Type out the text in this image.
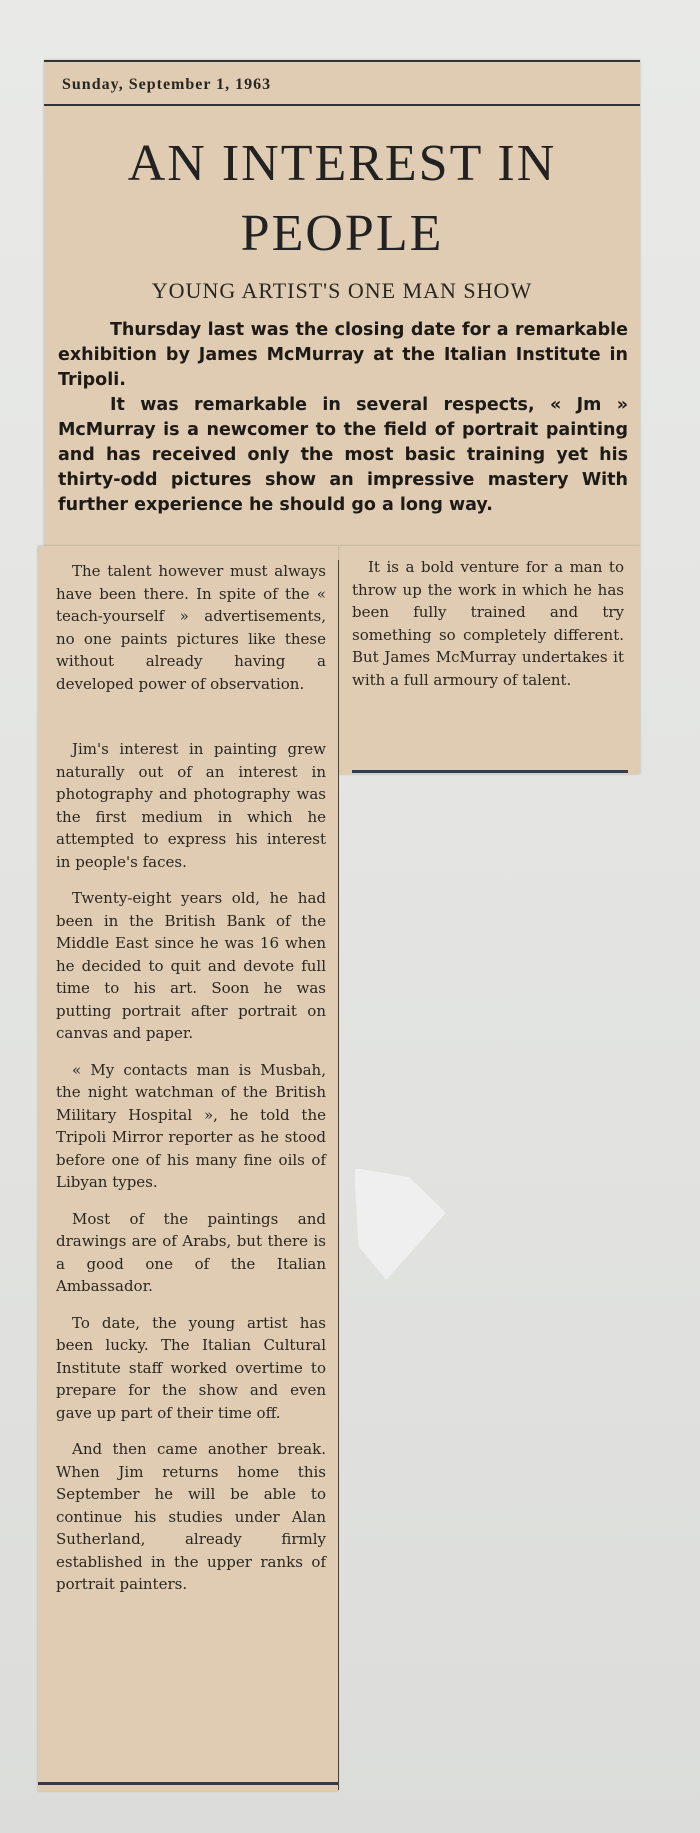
Sunday, September 1, 1963
AN INTEREST IN
PEOPLE
YOUNG ARTIST'S ONE MAN SHOW

Thursday last was the closing date for a remarkable exhibition by James McMurray at the Italian Institute in Tripoli.

It was remarkable in several respects, « Jm » McMurray is a newcomer to the field of portrait painting and has received only the most basic training yet his thirty-odd pictures show an impressive mastery With further experience he should go a long way.

The talent however must always have been there. In spite of the « teach-yourself » advertisements, no one paints pictures like these without already having a developed power of observation.

It is a bold venture for a man to throw up the work in which he has been fully trained and try something so completely different. But James McMurray undertakes it with a full armoury of talent.

Jim's interest in painting grew naturally out of an interest in photography and photography was the first medium in which he attempted to express his interest in people's faces.

Twenty-eight years old, he had been in the British Bank of the Middle East since he was 16 when he decided to quit and devote full time to his art. Soon he was putting portrait after portrait on canvas and paper.

« My contacts man is Musbah, the night watchman of the British Military Hospital », he told the Tripoli Mirror reporter as he stood before one of his many fine oils of Libyan types.

Most of the paintings and drawings are of Arabs, but there is a good one of the Italian Ambassador.

To date, the young artist has been lucky. The Italian Cultural Institute staff worked overtime to prepare for the show and even gave up part of their time off.

And then came another break. When Jim returns home this September he will be able to continue his studies under Alan Sutherland, already firmly established in the upper ranks of portrait painters.
